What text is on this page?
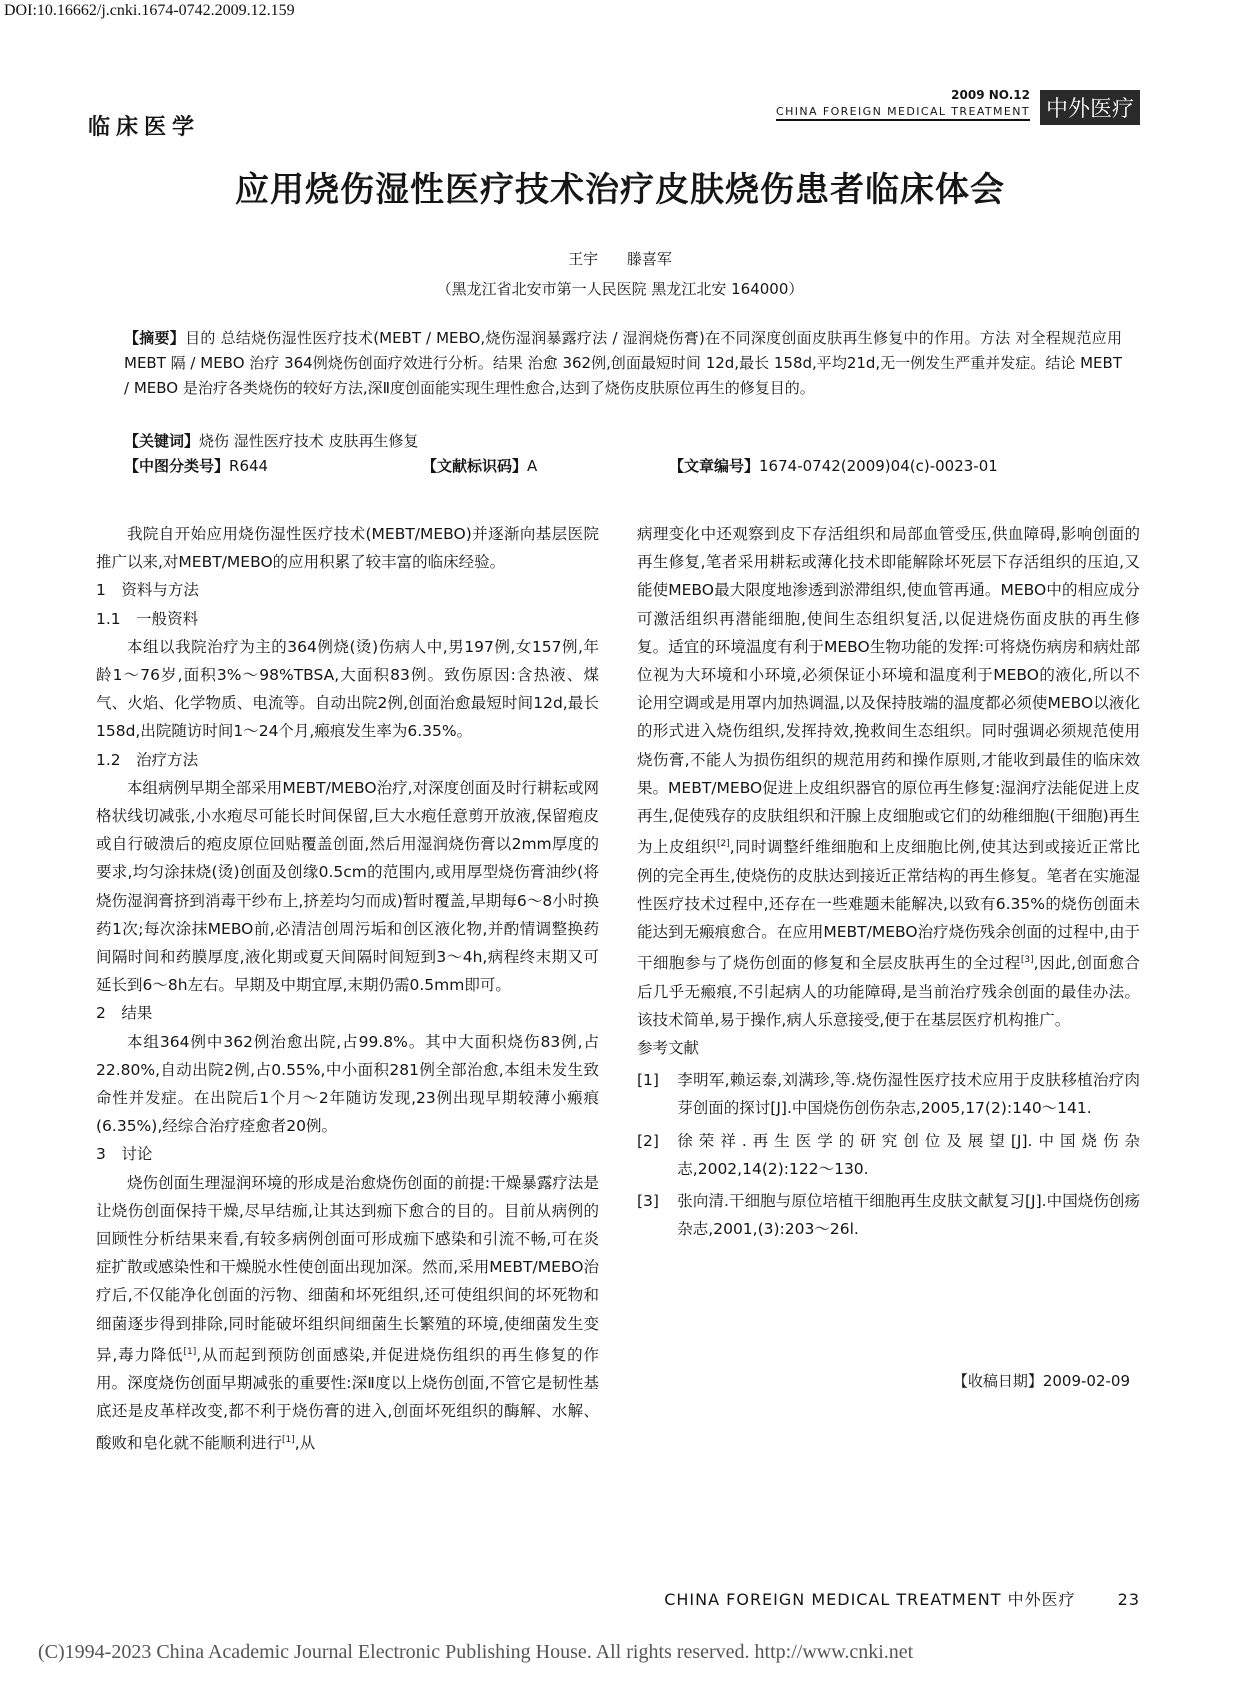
DOI:10.16662/j.cnki.1674-0742.2009.12.159
临床医学
2009 NO.12
CHINA FOREIGN MEDICAL TREATMENT 中外医疗
应用烧伤湿性医疗技术治疗皮肤烧伤患者临床体会
王宇 滕喜军
（黑龙江省北安市第一人民医院 黑龙江北安 164000）

【摘要】目的 总结烧伤湿性医疗技术(MEBT / MEBO,烧伤湿润暴露疗法 / 湿润烧伤膏)在不同深度创面皮肤再生修复中的作用。方法 对全程规范应用 MEBT 隔 / MEBO 治疗 364例烧伤创面疗效进行分析。结果 治愈 362例,创面最短时间 12d,最长 158d,平均21d,无一例发生严重并发症。结论 MEBT / MEBO 是治疗各类烧伤的较好方法,深Ⅱ度创面能实现生理性愈合,达到了烧伤皮肤原位再生的修复目的。

【关键词】烧伤 湿性医疗技术 皮肤再生修复
【中图分类号】R644	【文献标识码】A	【文章编号】1674-0742(2009)04(c)-0023-01

我院自开始应用烧伤湿性医疗技术(MEBT/MEBO)并逐渐向基层医院推广以来,对MEBT/MEBO的应用积累了较丰富的临床经验。

1　资料与方法

1.1　一般资料

本组以我院治疗为主的364例烧(烫)伤病人中,男197例,女157例,年龄1～76岁,面积3%～98%TBSA,大面积83例。致伤原因:含热液、煤气、火焰、化学物质、电流等。自动出院2例,创面治愈最短时间12d,最长158d,出院随访时间1～24个月,瘢痕发生率为6.35%。

1.2　治疗方法

本组病例早期全部采用MEBT/MEBO治疗,对深度创面及时行耕耘或网格状线切减张,小水疱尽可能长时间保留,巨大水疱任意剪开放液,保留疱皮或自行破溃后的疱皮原位回贴覆盖创面,然后用湿润烧伤膏以2mm厚度的要求,均匀涂抹烧(烫)创面及创缘0.5cm的范围内,或用厚型烧伤膏油纱(将烧伤湿润膏挤到消毒干纱布上,挤差均匀而成)暂时覆盖,早期每6～8小时换药1次;每次涂抹MEBO前,必清洁创周污垢和创区液化物,并酌情调整换药间隔时间和药膜厚度,液化期或夏天间隔时间短到3～4h,病程终末期又可延长到6～8h左右。早期及中期宜厚,末期仍需0.5mm即可。

2　结果

本组364例中362例治愈出院,占99.8%。其中大面积烧伤83例,占22.80%,自动出院2例,占0.55%,中小面积281例全部治愈,本组未发生致命性并发症。在出院后1个月～2年随访发现,23例出现早期较薄小瘢痕(6.35%),经综合治疗痊愈者20例。

3　讨论

烧伤创面生理湿润环境的形成是治愈烧伤创面的前提:干燥暴露疗法是让烧伤创面保持干燥,尽早结痂,让其达到痂下愈合的目的。目前从病例的回顾性分析结果来看,有较多病例创面可形成痂下感染和引流不畅,可在炎症扩散或感染性和干燥脱水性使创面出现加深。然而,采用MEBT/MEBO治疗后,不仅能净化创面的污物、细菌和坏死组织,还可使组织间的坏死物和细菌逐步得到排除,同时能破坏组织间细菌生长繁殖的环境,使细菌发生变异,毒力降低[1],从而起到预防创面感染,并促进烧伤组织的再生修复的作用。深度烧伤创面早期减张的重要性:深Ⅱ度以上烧伤创面,不管它是韧性基底还是皮革样改变,都不利于烧伤膏的进入,创面坏死组织的酶解、水解、酸败和皂化就不能顺利进行[1],从

病理变化中还观察到皮下存活组织和局部血管受压,供血障碍,影响创面的再生修复,笔者采用耕耘或薄化技术即能解除坏死层下存活组织的压迫,又能使MEBO最大限度地渗透到淤滞组织,使血管再通。MEBO中的相应成分可激活组织再潜能细胞,使间生态组织复活,以促进烧伤面皮肤的再生修复。适宜的环境温度有利于MEBO生物功能的发挥:可将烧伤病房和病灶部位视为大环境和小环境,必须保证小环境和温度利于MEBO的液化,所以不论用空调或是用罩内加热调温,以及保持肢端的温度都必须使MEBO以液化的形式进入烧伤组织,发挥持效,挽救间生态组织。同时强调必须规范使用烧伤膏,不能人为损伤组织的规范用药和操作原则,才能收到最佳的临床效果。MEBT/MEBO促进上皮组织器官的原位再生修复:湿润疗法能促进上皮再生,促使残存的皮肤组织和汗腺上皮细胞或它们的幼稚细胞(干细胞)再生为上皮组织[2],同时调整纤维细胞和上皮细胞比例,使其达到或接近正常比例的完全再生,使烧伤的皮肤达到接近正常结构的再生修复。笔者在实施湿性医疗技术过程中,还存在一些难题未能解决,以致有6.35%的烧伤创面未能达到无瘢痕愈合。在应用MEBT/MEBO治疗烧伤残余创面的过程中,由于干细胞参与了烧伤创面的修复和全层皮肤再生的全过程[3],因此,创面愈合后几乎无瘢痕,不引起病人的功能障碍,是当前治疗残余创面的最佳办法。该技术简单,易于操作,病人乐意接受,便于在基层医疗机构推广。

参考文献

[1] 李明军,赖运泰,刘满珍,等.烧伤湿性医疗技术应用于皮肤移植治疗肉芽创面的探讨[J].中国烧伤创伤杂志,2005,17(2):140～141.
[2] 徐荣祥.再生医学的研究创位及展望[J].中国烧伤杂志,2002,14(2):122～130.
[3] 张向清.干细胞与原位培植干细胞再生皮肤文献复习[J].中国烧伤创疡杂志,2001,(3):203～26l.
【收稿日期】2009-02-09
CHINA FOREIGN MEDICAL TREATMENT 中外医疗	23
(C)1994-2023 China Academic Journal Electronic Publishing House. All rights reserved. http://www.cnki.net
